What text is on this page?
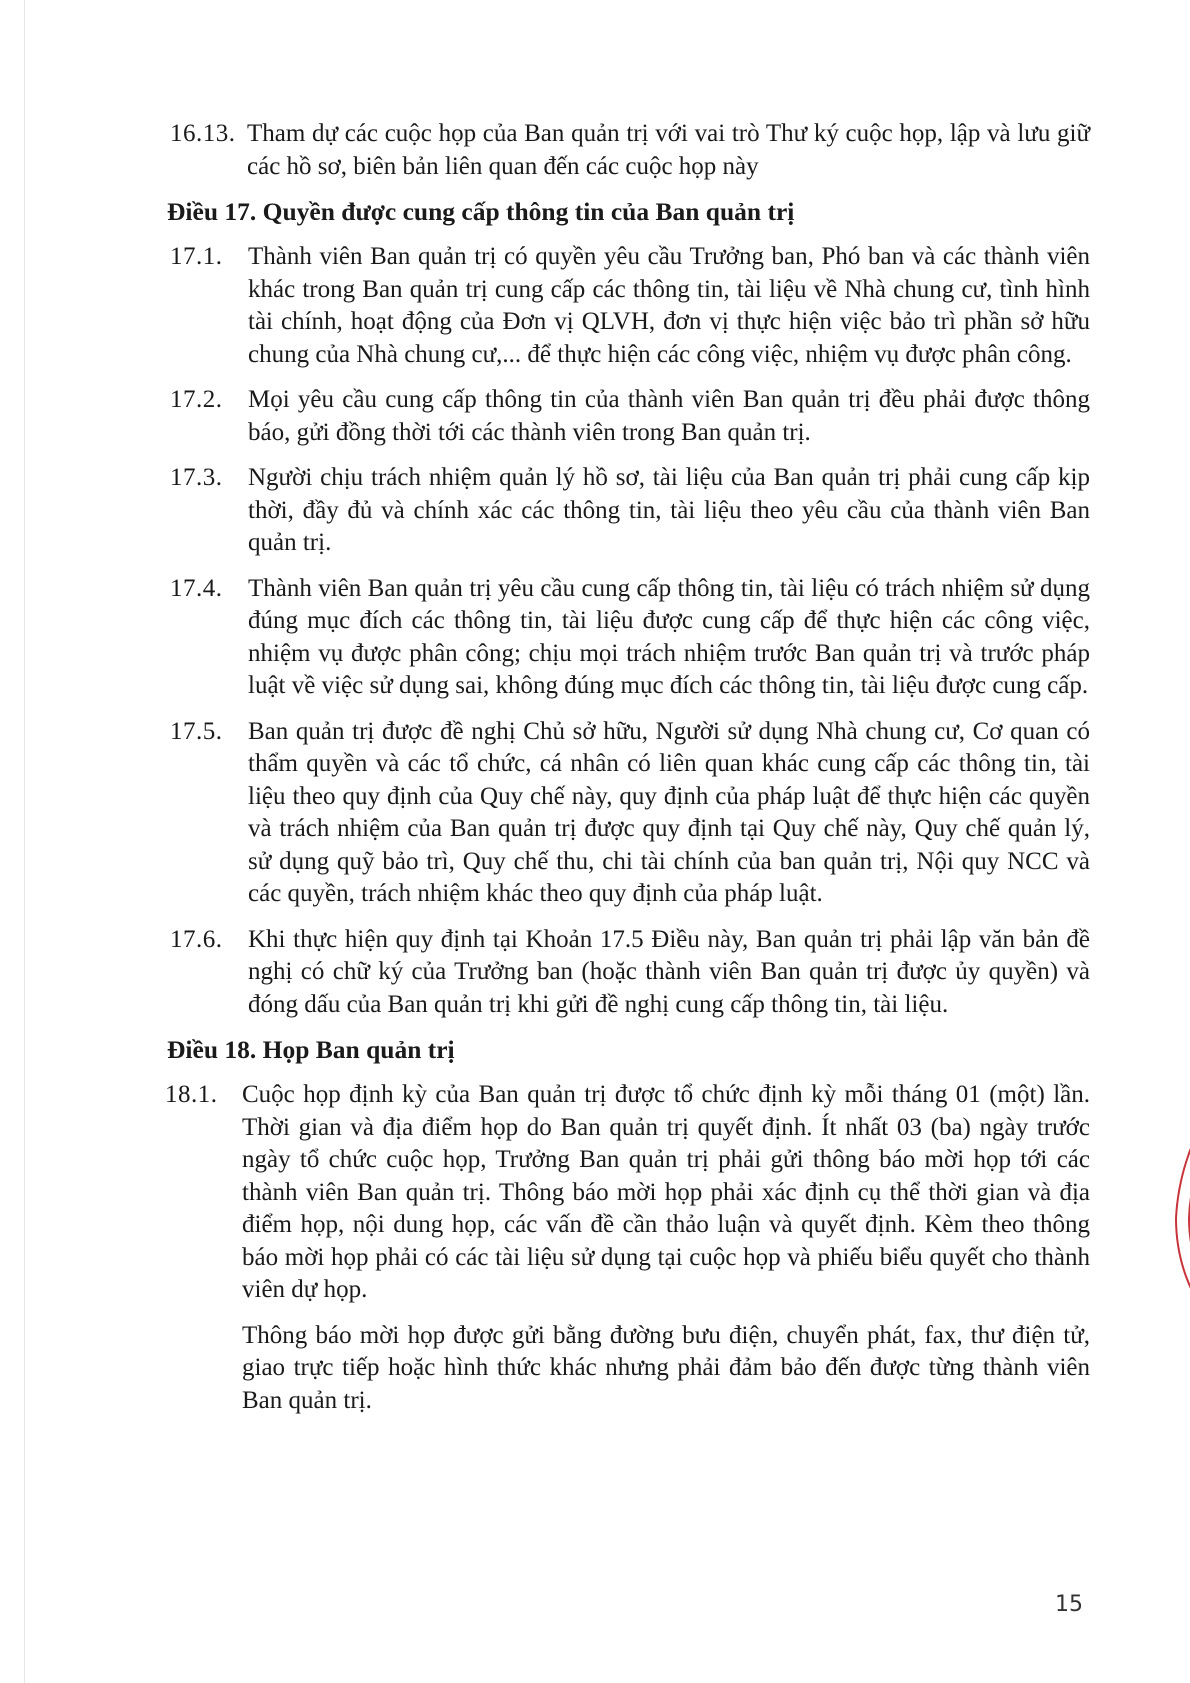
16.13. Tham dự các cuộc họp của Ban quản trị với vai trò Thư ký cuộc họp, lập và lưu giữ các hồ sơ, biên bản liên quan đến các cuộc họp này
Điều 17. Quyền được cung cấp thông tin của Ban quản trị
17.1. Thành viên Ban quản trị có quyền yêu cầu Trưởng ban, Phó ban và các thành viên khác trong Ban quản trị cung cấp các thông tin, tài liệu về Nhà chung cư, tình hình tài chính, hoạt động của Đơn vị QLVH, đơn vị thực hiện việc bảo trì phần sở hữu chung của Nhà chung cư,... để thực hiện các công việc, nhiệm vụ được phân công.
17.2. Mọi yêu cầu cung cấp thông tin của thành viên Ban quản trị đều phải được thông báo, gửi đồng thời tới các thành viên trong Ban quản trị.
17.3. Người chịu trách nhiệm quản lý hồ sơ, tài liệu của Ban quản trị phải cung cấp kịp thời, đầy đủ và chính xác các thông tin, tài liệu theo yêu cầu của thành viên Ban quản trị.
17.4. Thành viên Ban quản trị yêu cầu cung cấp thông tin, tài liệu có trách nhiệm sử dụng đúng mục đích các thông tin, tài liệu được cung cấp để thực hiện các công việc, nhiệm vụ được phân công; chịu mọi trách nhiệm trước Ban quản trị và trước pháp luật về việc sử dụng sai, không đúng mục đích các thông tin, tài liệu được cung cấp.
17.5. Ban quản trị được đề nghị Chủ sở hữu, Người sử dụng Nhà chung cư, Cơ quan có thẩm quyền và các tổ chức, cá nhân có liên quan khác cung cấp các thông tin, tài liệu theo quy định của Quy chế này, quy định của pháp luật để thực hiện các quyền và trách nhiệm của Ban quản trị được quy định tại Quy chế này, Quy chế quản lý, sử dụng quỹ bảo trì, Quy chế thu, chi tài chính của ban quản trị, Nội quy NCC và các quyền, trách nhiệm khác theo quy định của pháp luật.
17.6. Khi thực hiện quy định tại Khoản 17.5 Điều này, Ban quản trị phải lập văn bản đề nghị có chữ ký của Trưởng ban (hoặc thành viên Ban quản trị được ủy quyền) và đóng dấu của Ban quản trị khi gửi đề nghị cung cấp thông tin, tài liệu.
Điều 18. Họp Ban quản trị
18.1. Cuộc họp định kỳ của Ban quản trị được tổ chức định kỳ mỗi tháng 01 (một) lần. Thời gian và địa điểm họp do Ban quản trị quyết định. Ít nhất 03 (ba) ngày trước ngày tổ chức cuộc họp, Trưởng Ban quản trị phải gửi thông báo mời họp tới các thành viên Ban quản trị. Thông báo mời họp phải xác định cụ thể thời gian và địa điểm họp, nội dung họp, các vấn đề cần thảo luận và quyết định. Kèm theo thông báo mời họp phải có các tài liệu sử dụng tại cuộc họp và phiếu biểu quyết cho thành viên dự họp.
Thông báo mời họp được gửi bằng đường bưu điện, chuyển phát, fax, thư điện tử, giao trực tiếp hoặc hình thức khác nhưng phải đảm bảo đến được từng thành viên Ban quản trị.
15
